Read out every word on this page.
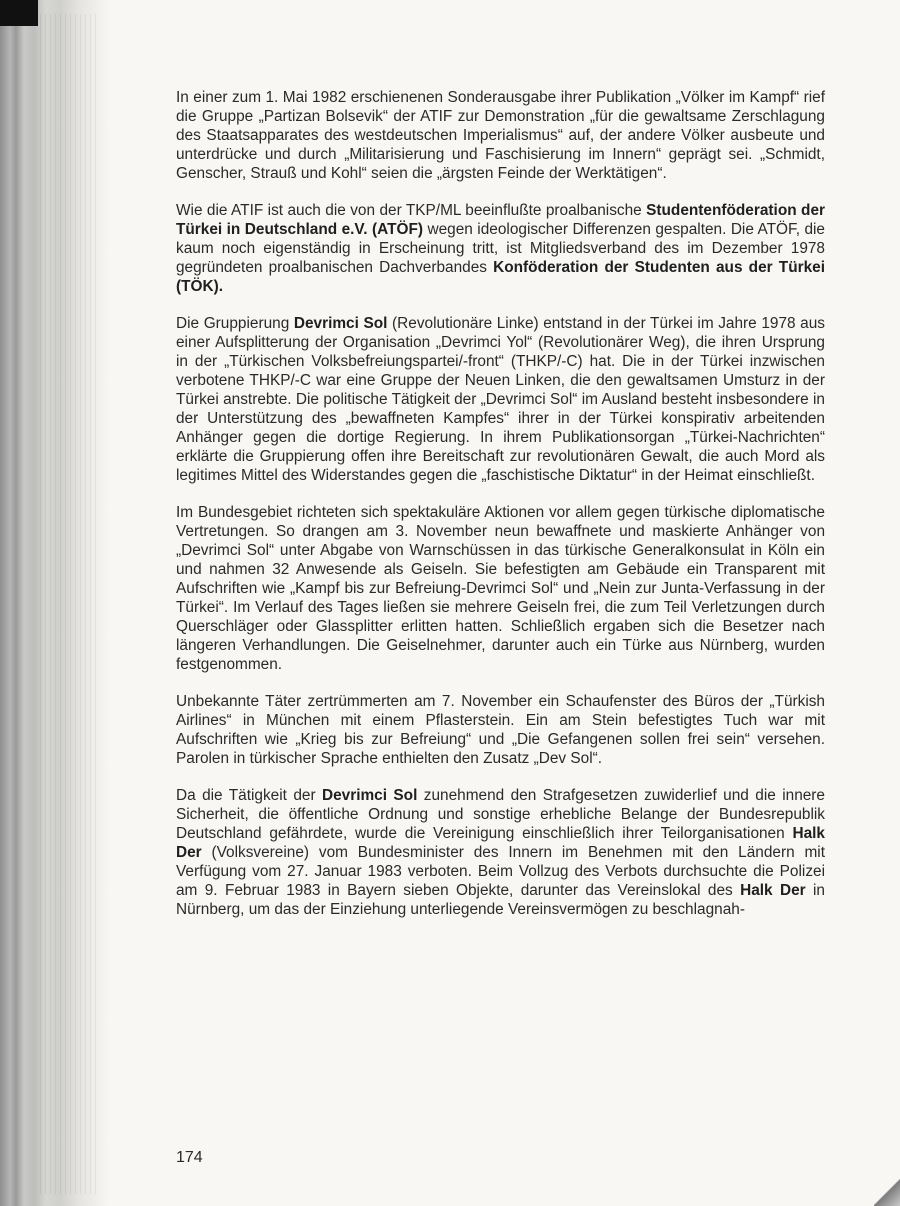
In einer zum 1. Mai 1982 erschienenen Sonderausgabe ihrer Publikation „Völker im Kampf“ rief die Gruppe „Partizan Bolsevik“ der ATIF zur Demonstration „für die gewaltsame Zerschlagung des Staatsapparates des westdeutschen Imperialismus“ auf, der andere Völker ausbeute und unterdrücke und durch „Militarisierung und Faschisierung im Innern“ geprägt sei. „Schmidt, Genscher, Strauß und Kohl“ seien die „ärgsten Feinde der Werktätigen“.

Wie die ATIF ist auch die von der TKP/ML beeinflußte proalbanische Studentenföderation der Türkei in Deutschland e.V. (ATÖF) wegen ideologischer Differenzen gespalten. Die ATÖF, die kaum noch eigenständig in Erscheinung tritt, ist Mitgliedsverband des im Dezember 1978 gegründeten proalbanischen Dachverbandes Konföderation der Studenten aus der Türkei (TÖK).

Die Gruppierung Devrimci Sol (Revolutionäre Linke) entstand in der Türkei im Jahre 1978 aus einer Aufsplitterung der Organisation „Devrimci Yol“ (Revolutionärer Weg), die ihren Ursprung in der „Türkischen Volksbefreiungspartei/-front“ (THKP/-C) hat. Die in der Türkei inzwischen verbotene THKP/-C war eine Gruppe der Neuen Linken, die den gewaltsamen Umsturz in der Türkei anstrebte. Die politische Tätigkeit der „Devrimci Sol“ im Ausland besteht insbesondere in der Unterstützung des „bewaffneten Kampfes“ ihrer in der Türkei konspirativ arbeitenden Anhänger gegen die dortige Regierung. In ihrem Publikationsorgan „Türkei-Nachrichten“ erklärte die Gruppierung offen ihre Bereitschaft zur revolutionären Gewalt, die auch Mord als legitimes Mittel des Widerstandes gegen die „faschistische Diktatur“ in der Heimat einschließt.

Im Bundesgebiet richteten sich spektakuläre Aktionen vor allem gegen türkische diplomatische Vertretungen. So drangen am 3. November neun bewaffnete und maskierte Anhänger von „Devrimci Sol“ unter Abgabe von Warnschüssen in das türkische Generalkonsulat in Köln ein und nahmen 32 Anwesende als Geiseln. Sie befestigten am Gebäude ein Transparent mit Aufschriften wie „Kampf bis zur Befreiung-Devrimci Sol“ und „Nein zur Junta-Verfassung in der Türkei“. Im Verlauf des Tages ließen sie mehrere Geiseln frei, die zum Teil Verletzungen durch Querschläger oder Glassplitter erlitten hatten. Schließlich ergaben sich die Besetzer nach längeren Verhandlungen. Die Geiselnehmer, darunter auch ein Türke aus Nürnberg, wurden festgenommen.

Unbekannte Täter zertrümmerten am 7. November ein Schaufenster des Büros der „Türkish Airlines“ in München mit einem Pflasterstein. Ein am Stein befestigtes Tuch war mit Aufschriften wie „Krieg bis zur Befreiung“ und „Die Gefangenen sollen frei sein“ versehen. Parolen in türkischer Sprache enthielten den Zusatz „Dev Sol“.

Da die Tätigkeit der Devrimci Sol zunehmend den Strafgesetzen zuwiderlief und die innere Sicherheit, die öffentliche Ordnung und sonstige erhebliche Belange der Bundesrepublik Deutschland gefährdete, wurde die Vereinigung einschließlich ihrer Teilorganisationen Halk Der (Volksvereine) vom Bundesminister des Innern im Benehmen mit den Ländern mit Verfügung vom 27. Januar 1983 verboten. Beim Vollzug des Verbots durchsuchte die Polizei am 9. Februar 1983 in Bayern sieben Objekte, darunter das Vereinslokal des Halk Der in Nürnberg, um das der Einziehung unterliegende Vereinsvermögen zu beschlagnah-

174
